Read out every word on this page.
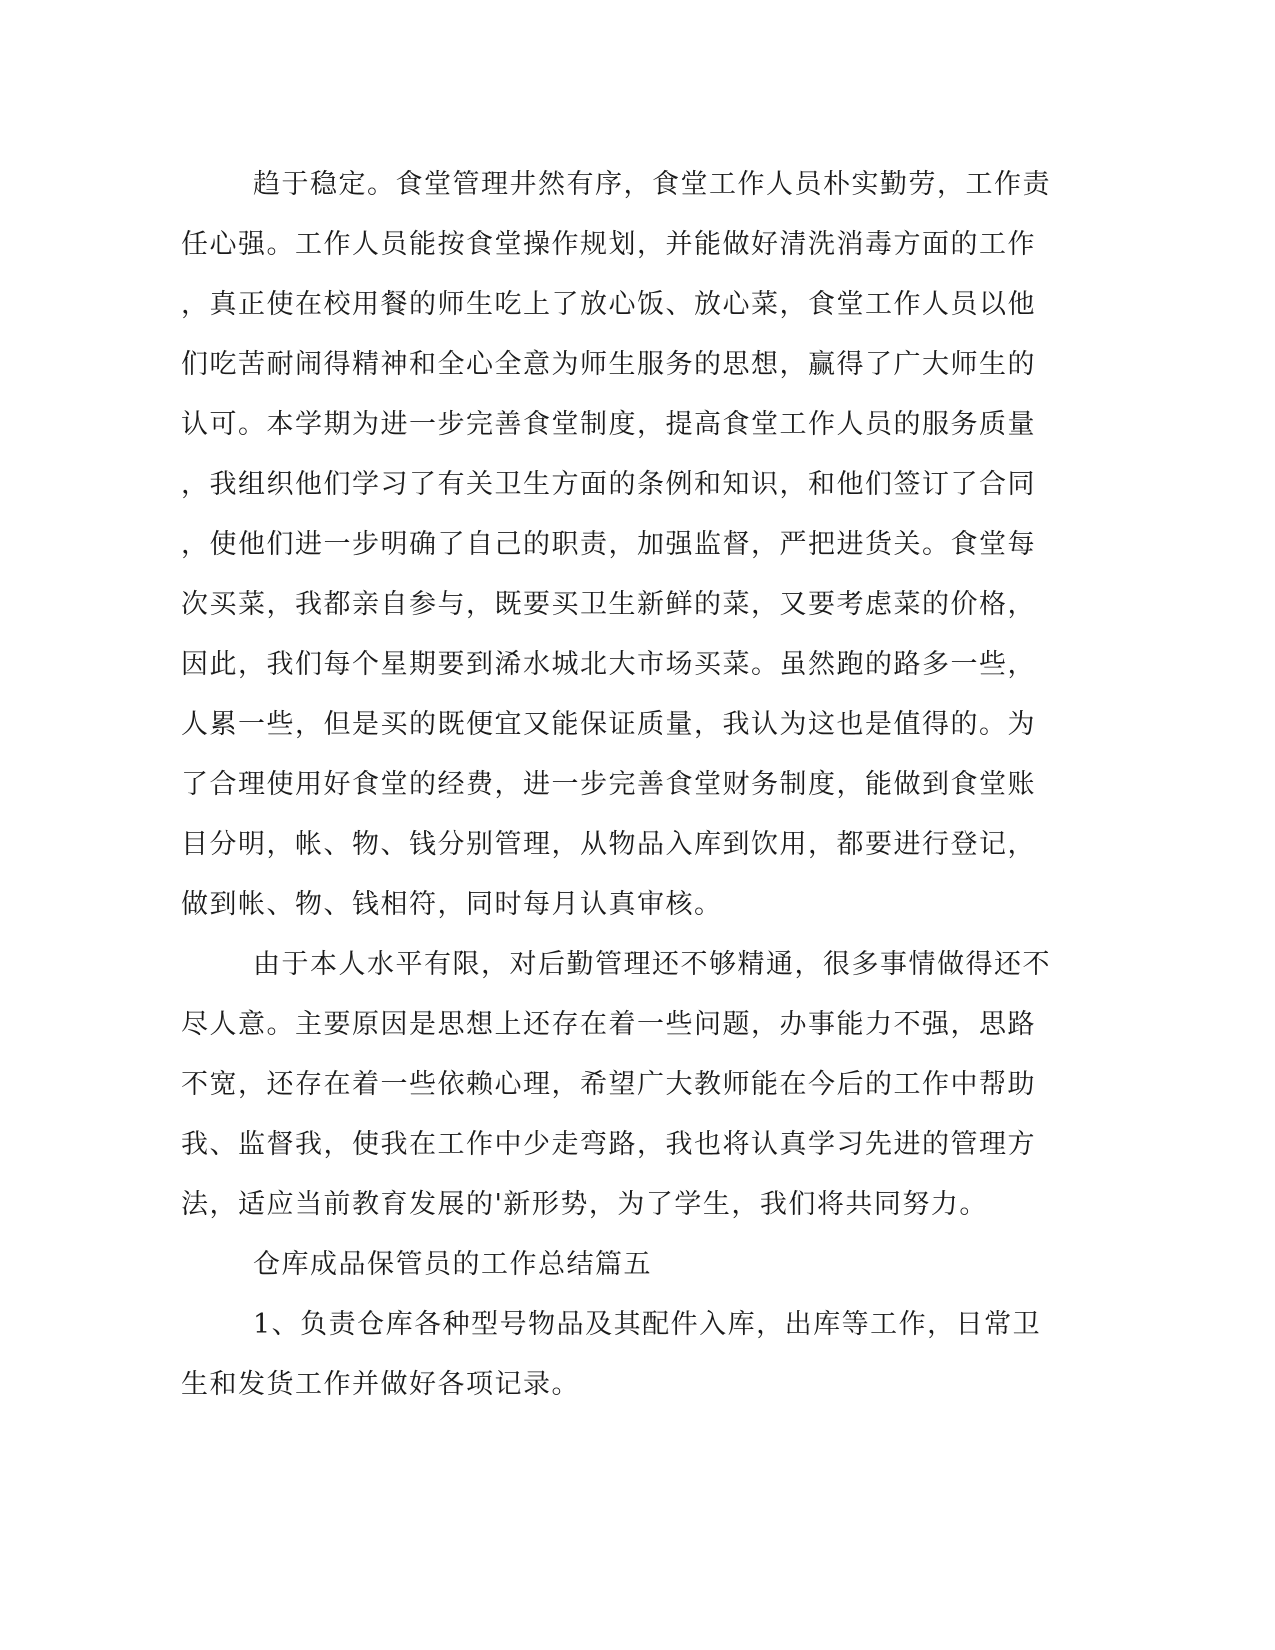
趋于稳定。食堂管理井然有序，食堂工作人员朴实勤劳，工作责
任心强。工作人员能按食堂操作规划，并能做好清洗消毒方面的工作
，真正使在校用餐的师生吃上了放心饭、放心菜，食堂工作人员以他
们吃苦耐闹得精神和全心全意为师生服务的思想，赢得了广大师生的
认可。本学期为进一步完善食堂制度，提高食堂工作人员的服务质量
，我组织他们学习了有关卫生方面的条例和知识，和他们签订了合同
，使他们进一步明确了自己的职责，加强监督，严把进货关。食堂每
次买菜，我都亲自参与，既要买卫生新鲜的菜，又要考虑菜的价格，
因此，我们每个星期要到浠水城北大市场买菜。虽然跑的路多一些，
人累一些，但是买的既便宜又能保证质量，我认为这也是值得的。为
了合理使用好食堂的经费，进一步完善食堂财务制度，能做到食堂账
目分明，帐、物、钱分别管理，从物品入库到饮用，都要进行登记，
做到帐、物、钱相符，同时每月认真审核。
由于本人水平有限，对后勤管理还不够精通，很多事情做得还不
尽人意。主要原因是思想上还存在着一些问题，办事能力不强，思路
不宽，还存在着一些依赖心理，希望广大教师能在今后的工作中帮助
我、监督我，使我在工作中少走弯路，我也将认真学习先进的管理方
法，适应当前教育发展的'新形势，为了学生，我们将共同努力。
仓库成品保管员的工作总结篇五
1、负责仓库各种型号物品及其配件入库，出库等工作，日常卫
生和发货工作并做好各项记录。
